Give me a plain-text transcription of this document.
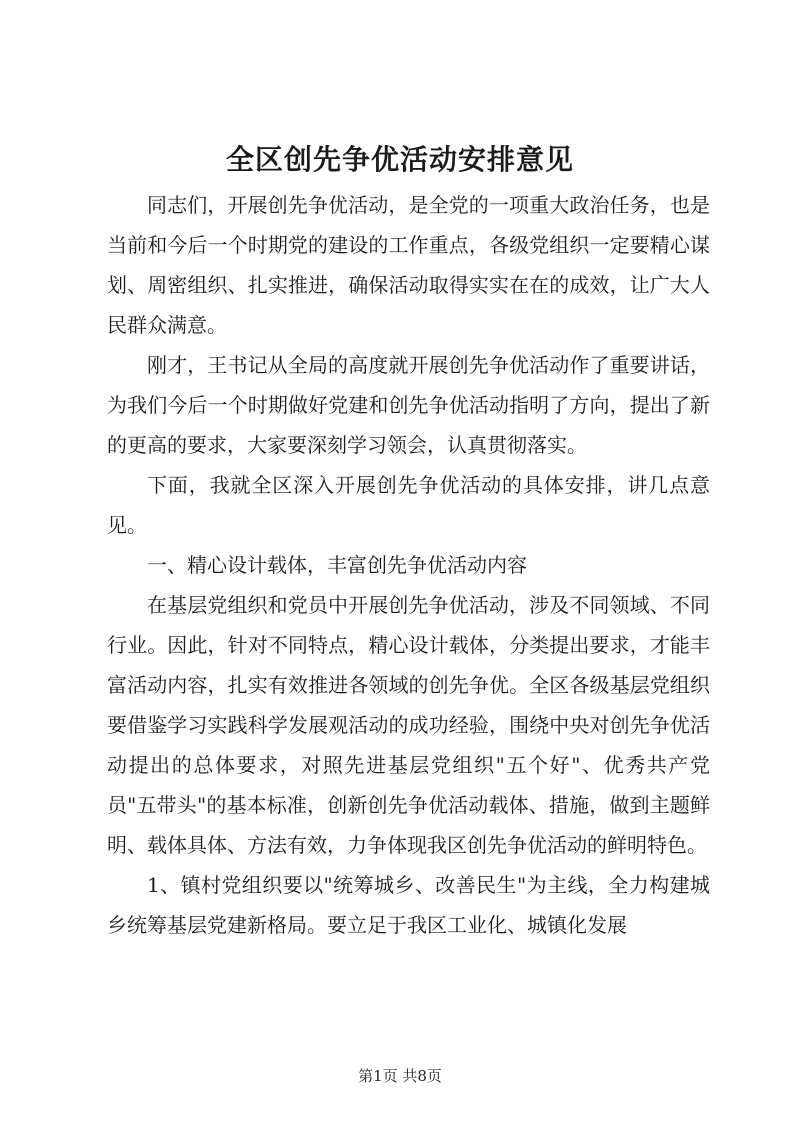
全区创先争优活动安排意见

同志们，开展创先争优活动，是全党的一项重大政治任务，也是当前和今后一个时期党的建设的工作重点，各级党组织一定要精心谋划、周密组织、扎实推进，确保活动取得实实在在的成效，让广大人民群众满意。

刚才，王书记从全局的高度就开展创先争优活动作了重要讲话，为我们今后一个时期做好党建和创先争优活动指明了方向，提出了新的更高的要求，大家要深刻学习领会，认真贯彻落实。

下面，我就全区深入开展创先争优活动的具体安排，讲几点意见。

一、精心设计载体，丰富创先争优活动内容

在基层党组织和党员中开展创先争优活动，涉及不同领域、不同行业。因此，针对不同特点，精心设计载体，分类提出要求，才能丰富活动内容，扎实有效推进各领域的创先争优。全区各级基层党组织要借鉴学习实践科学发展观活动的成功经验，围绕中央对创先争优活动提出的总体要求，对照先进基层党组织"五个好"、优秀共产党员"五带头"的基本标准，创新创先争优活动载体、措施，做到主题鲜明、载体具体、方法有效，力争体现我区创先争优活动的鲜明特色。

1、镇村党组织要以"统筹城乡、改善民生"为主线，全力构建城乡统筹基层党建新格局。要立足于我区工业化、城镇化发展

第1页 共8页
